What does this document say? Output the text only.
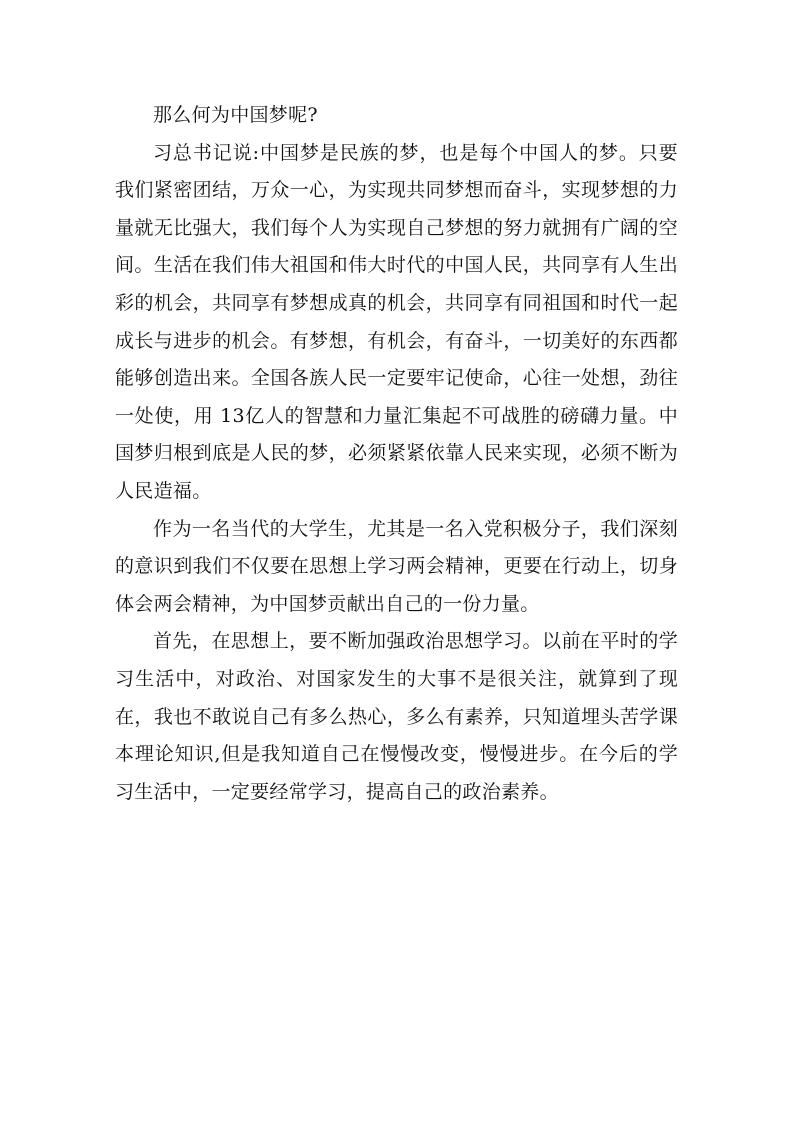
那么何为中国梦呢?

习总书记说:中国梦是民族的梦，也是每个中国人的梦。只要我们紧密团结，万众一心，为实现共同梦想而奋斗，实现梦想的力量就无比强大，我们每个人为实现自己梦想的努力就拥有广阔的空间。生活在我们伟大祖国和伟大时代的中国人民，共同享有人生出彩的机会，共同享有梦想成真的机会，共同享有同祖国和时代一起成长与进步的机会。有梦想，有机会，有奋斗，一切美好的东西都能够创造出来。全国各族人民一定要牢记使命，心往一处想，劲往一处使，用 13亿人的智慧和力量汇集起不可战胜的磅礴力量。中国梦归根到底是人民的梦，必须紧紧依靠人民来实现，必须不断为人民造福。

作为一名当代的大学生，尤其是一名入党积极分子，我们深刻的意识到我们不仅要在思想上学习两会精神，更要在行动上，切身体会两会精神，为中国梦贡献出自己的一份力量。

首先，在思想上，要不断加强政治思想学习。以前在平时的学习生活中，对政治、对国家发生的大事不是很关注，就算到了现在，我也不敢说自己有多么热心，多么有素养，只知道埋头苦学课本理论知识,但是我知道自己在慢慢改变，慢慢进步。在今后的学习生活中，一定要经常学习，提高自己的政治素养。
